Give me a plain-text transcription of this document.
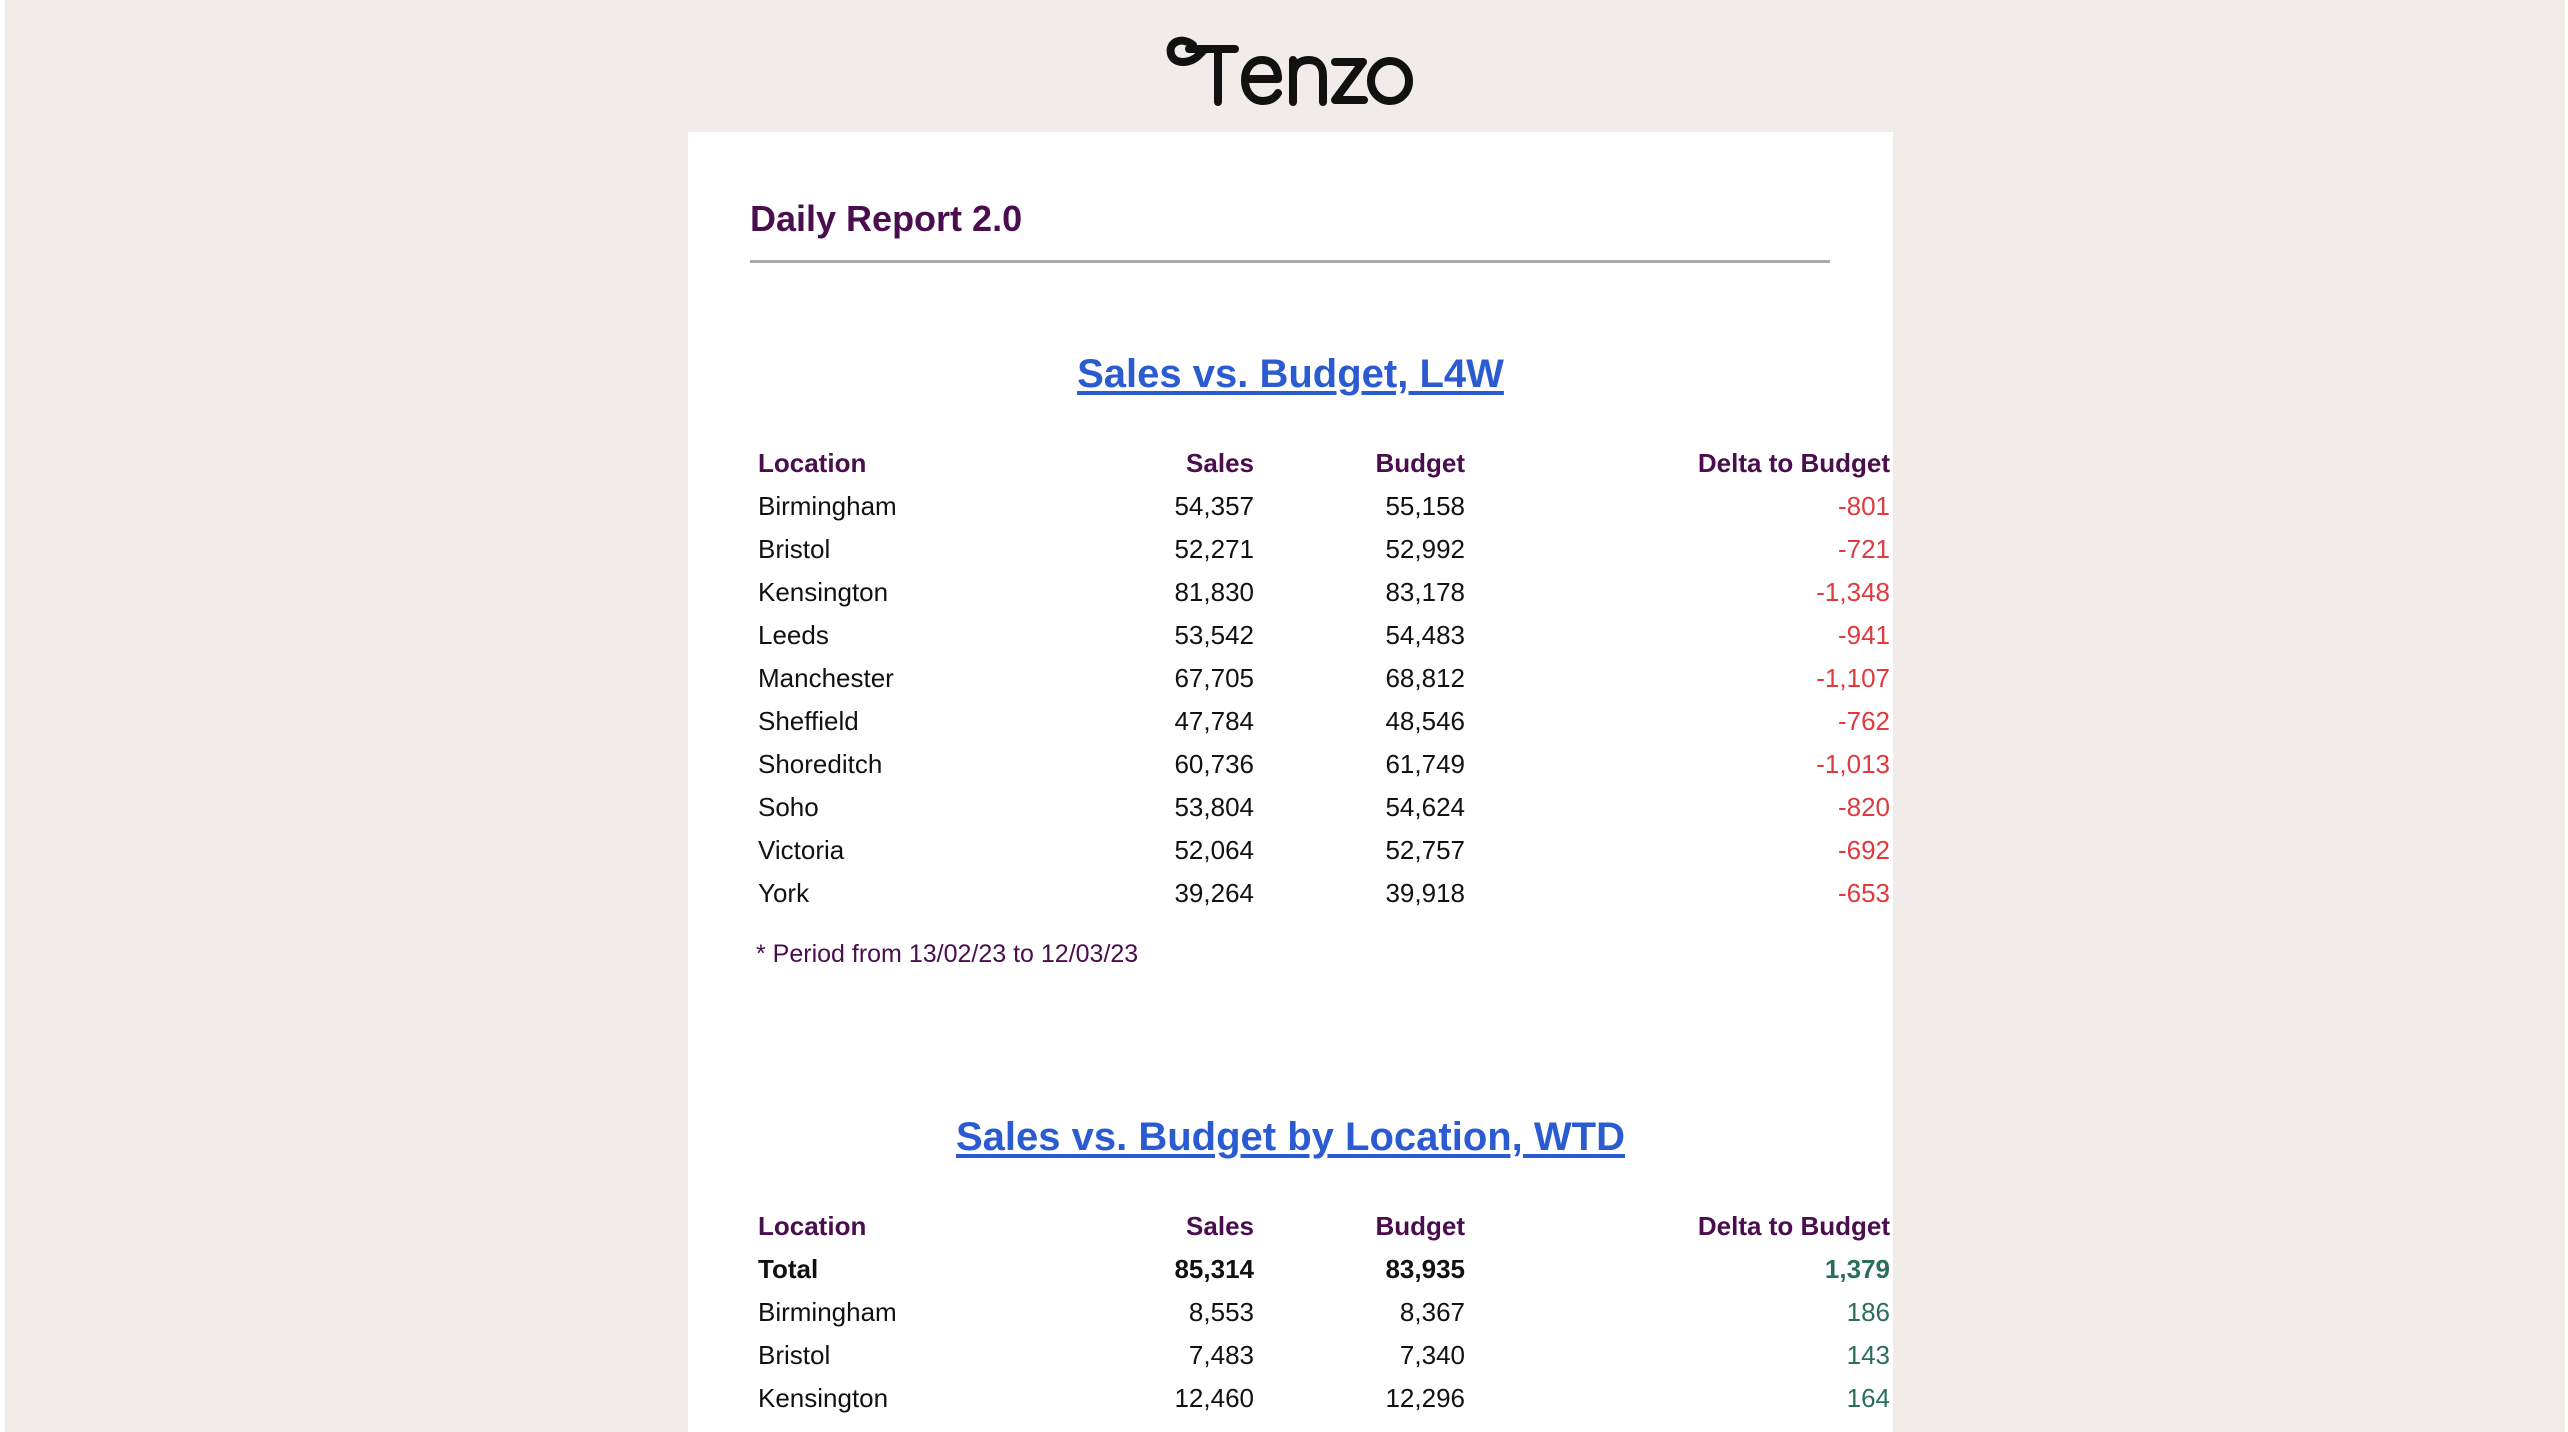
Daily Report 2.0
Sales vs. Budget, L4W
Location	Sales	Budget	Delta to Budget
Birmingham	54,357	55,158	-801
Bristol	52,271	52,992	-721
Kensington	81,830	83,178	-1,348
Leeds	53,542	54,483	-941
Manchester	67,705	68,812	-1,107
Sheffield	47,784	48,546	-762
Shoreditch	60,736	61,749	-1,013
Soho	53,804	54,624	-820
Victoria	52,064	52,757	-692
York	39,264	39,918	-653

* Period from 13/02/23 to 12/03/23

Sales vs. Budget by Location, WTD
Location	Sales	Budget	Delta to Budget
Total	85,314	83,935	1,379
Birmingham	8,553	8,367	186
Bristol	7,483	7,340	143
Kensington	12,460	12,296	164
